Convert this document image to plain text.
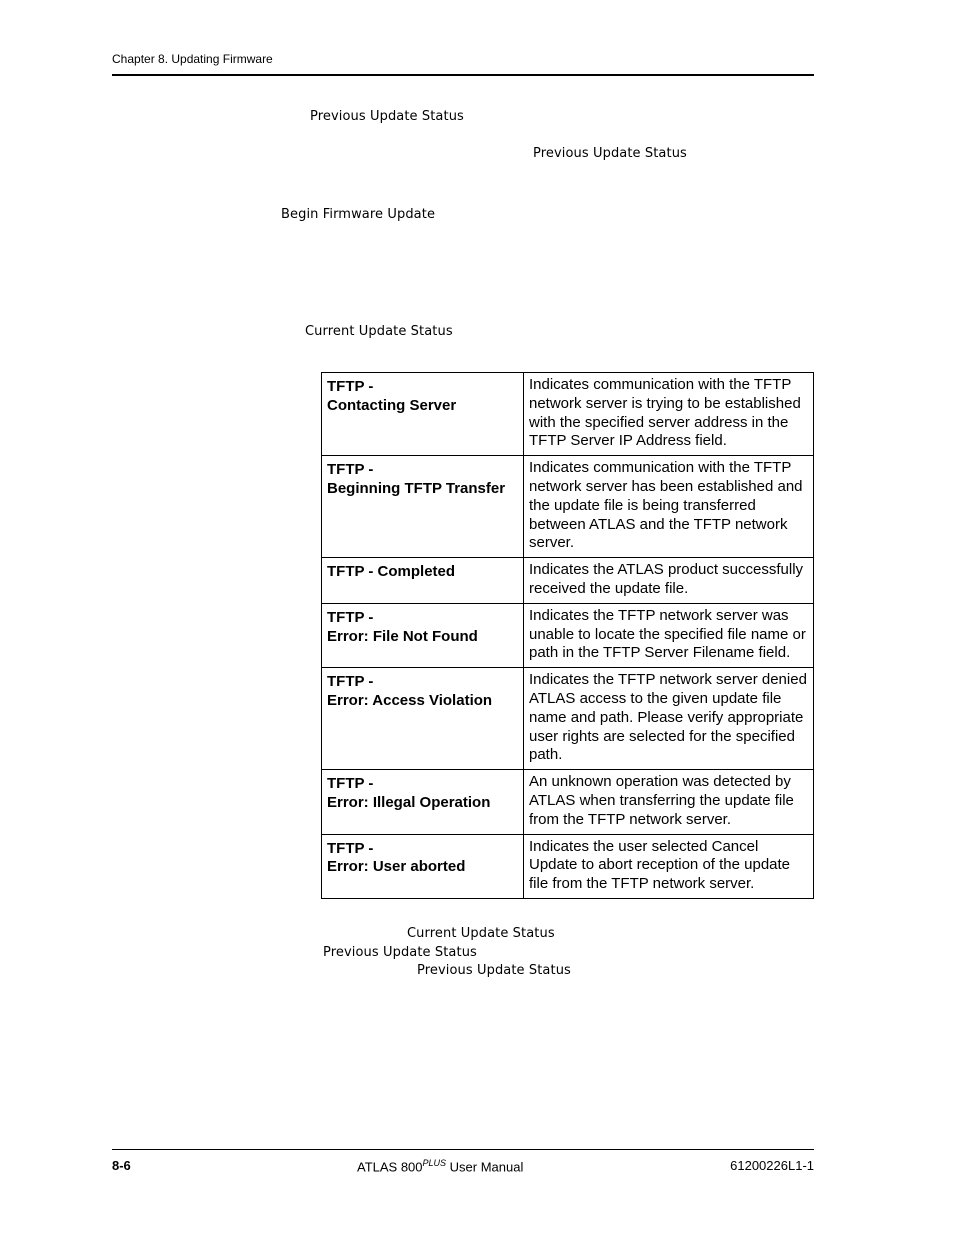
Chapter 8. Updating Firmware
Previous Update Status
Previous Update Status
Begin Firmware Update
Current Update Status
TFTP -
Contacting Server	Indicates communication with the TFTP network server is trying to be established with the specified server address in the TFTP Server IP Address field.
TFTP -
Beginning TFTP Transfer	Indicates communication with the TFTP network server has been established and the update file is being transferred between ATLAS and the TFTP network server.
TFTP - Completed	Indicates the ATLAS product successfully received the update file.
TFTP -
Error: File Not Found	Indicates the TFTP network server was unable to locate the specified file name or path in the TFTP Server Filename field.
TFTP -
Error: Access Violation	Indicates the TFTP network server denied ATLAS access to the given update file name and path. Please verify appropriate user rights are selected for the specified path.
TFTP -
Error: Illegal Operation	An unknown operation was detected by ATLAS when transferring the update file from the TFTP network server.
TFTP -
Error: User aborted	Indicates the user selected Cancel Update to abort reception of the update file from the TFTP network server.
Current Update Status
Previous Update Status
Previous Update Status
8-6	ATLAS $800^{PLUS}$ User Manual	61200226L1-1
